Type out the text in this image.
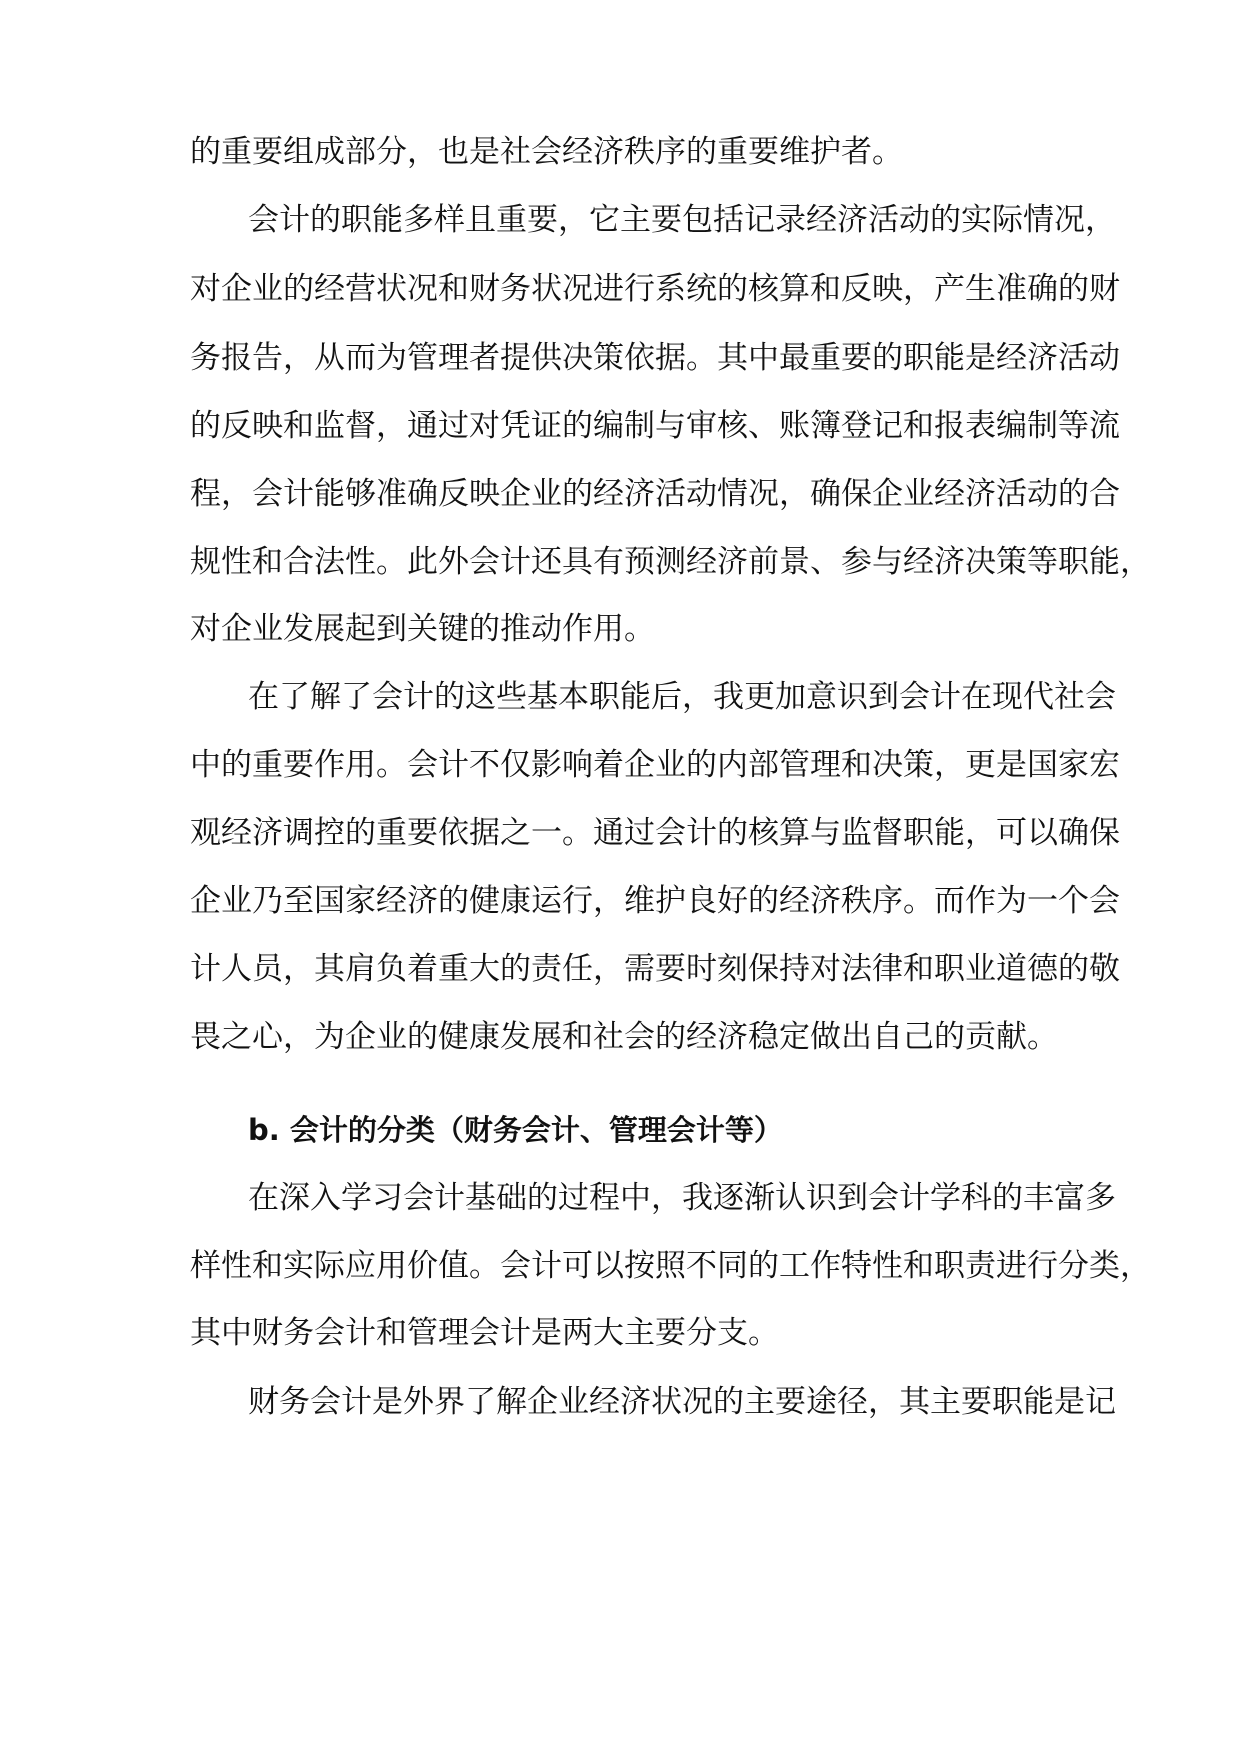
的重要组成部分，也是社会经济秩序的重要维护者。
会计的职能多样且重要，它主要包括记录经济活动的实际情况，
对企业的经营状况和财务状况进行系统的核算和反映，产生准确的财
务报告，从而为管理者提供决策依据。其中最重要的职能是经济活动
的反映和监督，通过对凭证的编制与审核、账簿登记和报表编制等流
程，会计能够准确反映企业的经济活动情况，确保企业经济活动的合
规性和合法性。此外会计还具有预测经济前景、参与经济决策等职能，
对企业发展起到关键的推动作用。
在了解了会计的这些基本职能后，我更加意识到会计在现代社会
中的重要作用。会计不仅影响着企业的内部管理和决策，更是国家宏
观经济调控的重要依据之一。通过会计的核算与监督职能，可以确保
企业乃至国家经济的健康运行，维护良好的经济秩序。而作为一个会
计人员，其肩负着重大的责任，需要时刻保持对法律和职业道德的敬
畏之心，为企业的健康发展和社会的经济稳定做出自己的贡献。
b. 会计的分类（财务会计、管理会计等）
在深入学习会计基础的过程中，我逐渐认识到会计学科的丰富多
样性和实际应用价值。会计可以按照不同的工作特性和职责进行分类，
其中财务会计和管理会计是两大主要分支。
财务会计是外界了解企业经济状况的主要途径，其主要职能是记
